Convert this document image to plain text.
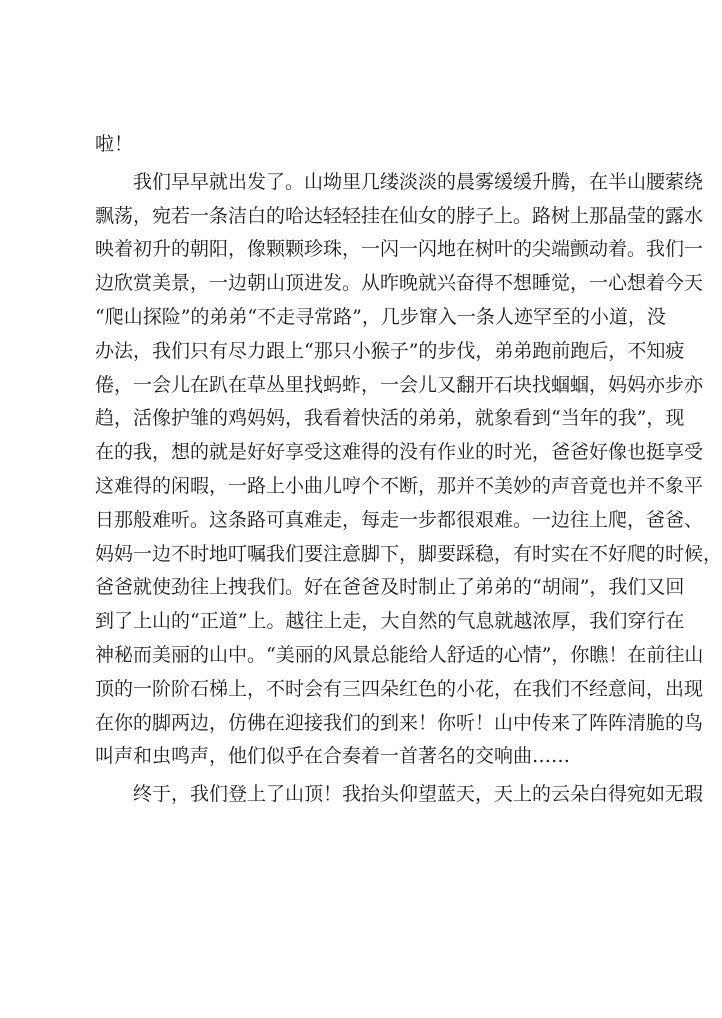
啦！
　　我们早早就出发了。山坳里几缕淡淡的晨雾缓缓升腾，在半山腰萦绕
飘荡，宛若一条洁白的哈达轻轻挂在仙女的脖子上。路树上那晶莹的露水
映着初升的朝阳，像颗颗珍珠，一闪一闪地在树叶的尖端颤动着。我们一
边欣赏美景，一边朝山顶进发。从昨晚就兴奋得不想睡觉，一心想着今天
“爬山探险”的弟弟“不走寻常路”，几步窜入一条人迹罕至的小道，没
办法，我们只有尽力跟上“那只小猴子”的步伐，弟弟跑前跑后，不知疲
倦，一会儿在趴在草丛里找蚂蚱，一会儿又翻开石块找蝈蝈，妈妈亦步亦
趋，活像护雏的鸡妈妈，我看着快活的弟弟，就象看到“当年的我”，现
在的我，想的就是好好享受这难得的没有作业的时光，爸爸好像也挺享受
这难得的闲暇，一路上小曲儿哼个不断，那并不美妙的声音竟也并不象平
日那般难听。这条路可真难走，每走一步都很艰难。一边往上爬，爸爸、
妈妈一边不时地叮嘱我们要注意脚下，脚要踩稳，有时实在不好爬的时候，
爸爸就使劲往上拽我们。好在爸爸及时制止了弟弟的“胡闹”，我们又回
到了上山的“正道”上。越往上走，大自然的气息就越浓厚，我们穿行在
神秘而美丽的山中。“美丽的风景总能给人舒适的心情”，你瞧！在前往山
顶的一阶阶石梯上，不时会有三四朵红色的小花，在我们不经意间，出现
在你的脚两边，仿佛在迎接我们的到来！你听！山中传来了阵阵清脆的鸟
叫声和虫鸣声，他们似乎在合奏着一首著名的交响曲……
　　终于，我们登上了山顶！我抬头仰望蓝天，天上的云朵白得宛如无瑕
